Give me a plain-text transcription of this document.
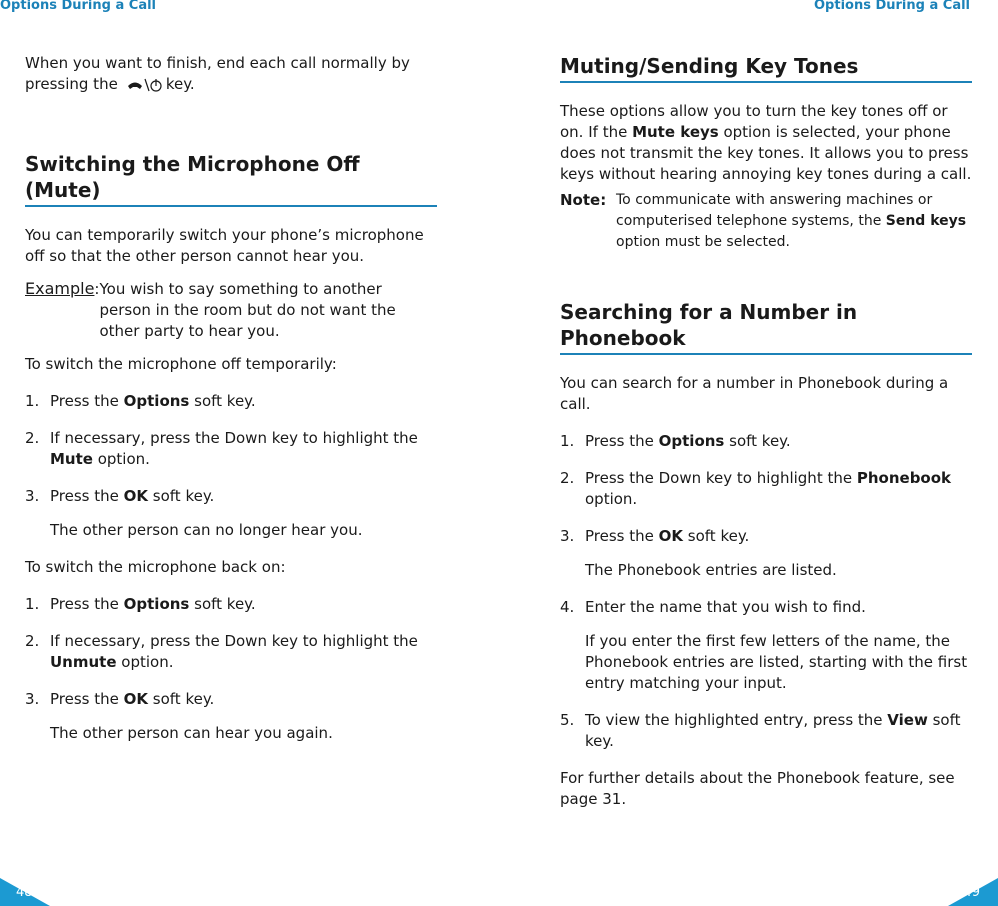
Options During a Call

When you want to finish, end each call normally by pressing the	key.

Switching the Microphone Off (Mute)

You can temporarily switch your phone’s microphone off so that the other person cannot hear you.

Example : You wish to say something to another person in the room but do not want the other party to hear you.

To switch the microphone off temporarily:

1. Press the Options soft key.
2. If necessary, press the Down key to highlight the Mute option.
3. Press the OK soft key.
The other person can no longer hear you.

To switch the microphone back on:

1. Press the Options soft key.
2. If necessary, press the Down key to highlight the Unmute option.
3. Press the OK soft key.
The other person can hear you again.
48
Options During a Call
Muting/Sending Key Tones

These options allow you to turn the key tones off or on. If the Mute keys option is selected, your phone does not transmit the key tones. It allows you to press keys without hearing annoying key tones during a call.

Note: To communicate with answering machines or computerised telephone systems, the Send keys option must be selected.
Searching for a Number in Phonebook

You can search for a number in Phonebook during a call.

1. Press the Options soft key.
2. Press the Down key to highlight the Phonebook option.
3. Press the OK soft key.
The Phonebook entries are listed.
4. Enter the name that you wish to find.
If you enter the first few letters of the name, the Phonebook entries are listed, starting with the first entry matching your input.
5. To view the highlighted entry, press the View soft key.

For further details about the Phonebook feature, see page 31.

49
